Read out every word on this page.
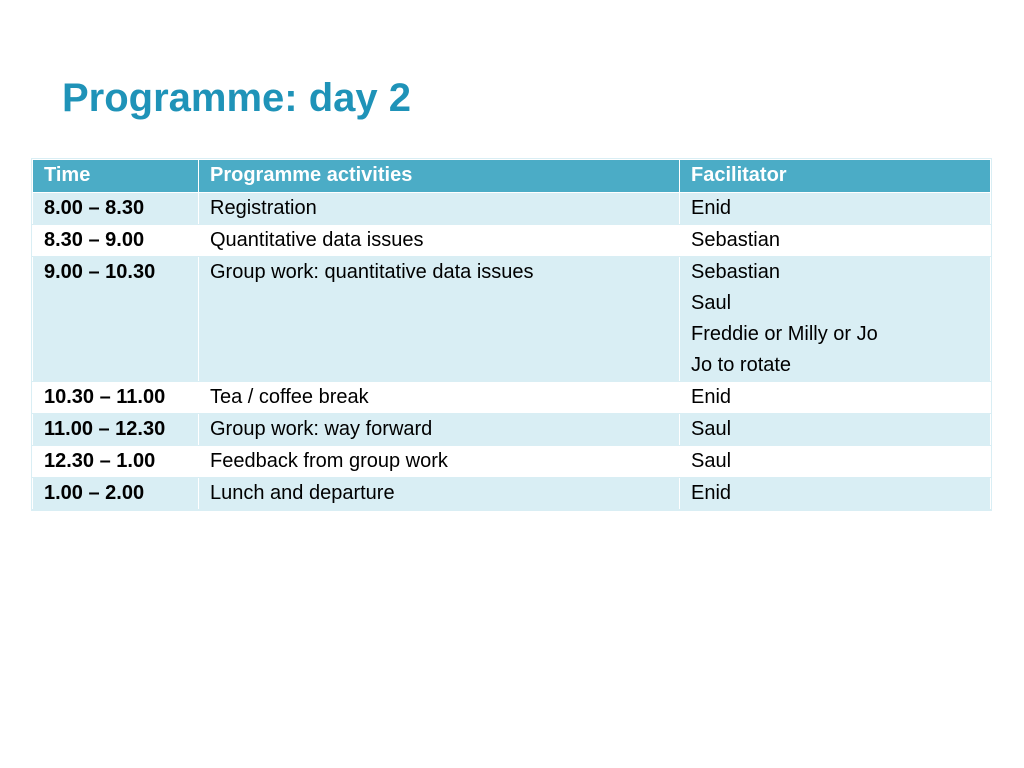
Programme: day 2
Time	Programme activities	Facilitator
8.00 – 8.30	Registration	Enid

8.30 – 9.00	Quantitative data issues	Sebastian

9.00 – 10.30	Group work: quantitative data issues	Sebastian
Saul
Freddie or Milly or Jo
Jo to rotate

10.30 – 11.00	Tea / coffee break	Enid

11.00 – 12.30	Group work: way forward	Saul

12.30 – 1.00	Feedback from group work	Saul

1.00 – 2.00	Lunch and departure	Enid
